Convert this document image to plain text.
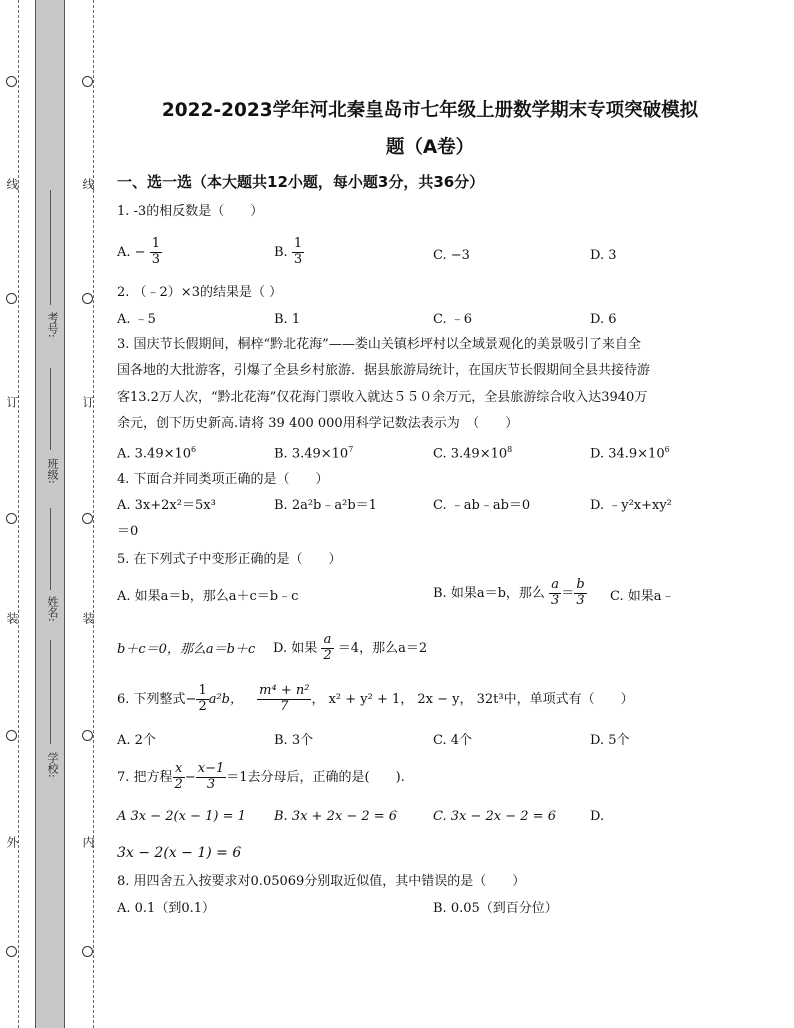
线
订
装
外
线
订
装
内
考号:
班级:
姓名:
学校:
2022-2023学年河北秦皇岛市七年级上册数学期末专项突破模拟
题（A卷）
一、选一选（本大题共12小题，每小题3分，共36分）
1. -3的相反数是（　　）
A. − $\frac{1}{3}$	B. $\frac{1}{3}$	C. −3	D. 3
2. （﹣2）×3的结果是（ ）
A. ﹣5	B. 1	C. ﹣6	D. 6
3. 国庆节长假期间，桐梓“黔北花海”——娄山关镇杉坪村以全域景观化的美景吸引了来自全
国各地的大批游客，引爆了全县乡村旅游．据县旅游局统计，在国庆节长假期间全县共接待游
客13.2万人次，“黔北花海”仅花海门票收入就达５５０余万元，全县旅游综合收入达3940万
余元，创下历史新高.请将 39 400 000用科学记数法表示为　（　　）
A. $3.49\times 10^6$	B. $3.49\times 10^7$	C. $3.49\times 10^8$	D. $34.9\times 10^6$
4. 下面合并同类项正确的是（　　）
A. 3x+2x²＝5x³	B. 2a²b﹣a²b＝1	C. ﹣ab﹣ab＝0	D. ﹣y²x+xy²
＝0
5. 在下列式子中变形正确的是（　　）
A. 如果a＝b，那么a＋c＝b﹣c	B. 如果a＝b，那么 $\frac{a}{3} = \frac{b}{3} C$. 如果a﹣
b＋c＝0，那么a＝b＋c D. 如果 $\frac{a}{2} =4$，那么a＝2
6. 下列整式− $\frac{1}{2} a^2b$， $\frac{\text{m⁴ + n²}}{7}$ ， x² + y² + 1， 2x − y， 32t³中，单项式有（　　）
A. 2个	B. 3个	C. 4个	D. 5个
7. 把方程 $\frac{x}{2} - \frac{x-1}{3} =1$去分母后，正确的是(　　).
A 3x − 2(x − 1) = 1 B. 3x + 2x − 2 = 6	C. 3x − 2x − 2 = 6	D.
3x − 2(x − 1) = 6
8. 用四舍五入按要求对0.05069分别取近似值，其中错误的是（　　）
A. 0.1（到0.1）	B. 0.05（到百分位）
